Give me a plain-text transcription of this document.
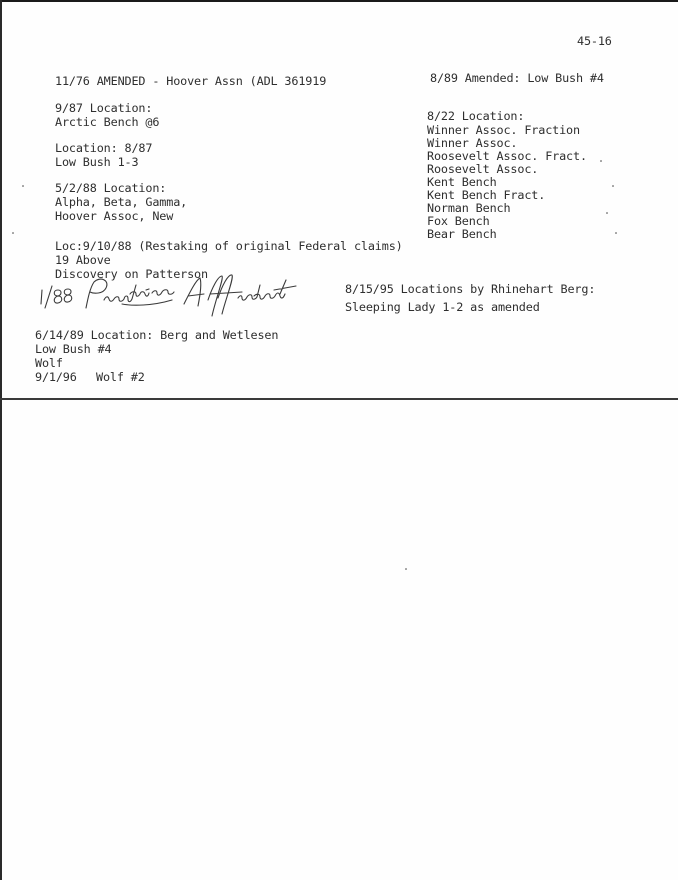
45-16
11/76 AMENDED - Hoover Assn (ADL 361919
9/87 Location:
Arctic Bench @6
Location: 8/87
Low Bush 1-3
5/2/88 Location:
Alpha, Beta, Gamma,
Hoover Assoc, New
Loc:9/10/88 (Restaking of original Federal claims)
19 Above
Discovery on Patterson
8/89 Amended: Low Bush #4
8/22 Location:
Winner Assoc. Fraction
Winner Assoc.
Roosevelt Assoc. Fract.
Roosevelt Assoc.
Kent Bench
Kent Bench Fract.
Norman Bench
Fox Bench
Bear Bench
8/15/95 Locations by Rhinehart Berg:
Sleeping Lady 1-2 as amended
6/14/89 Location: Berg and Wetlesen
Low Bush #4
Wolf
9/1/96 Wolf #2
